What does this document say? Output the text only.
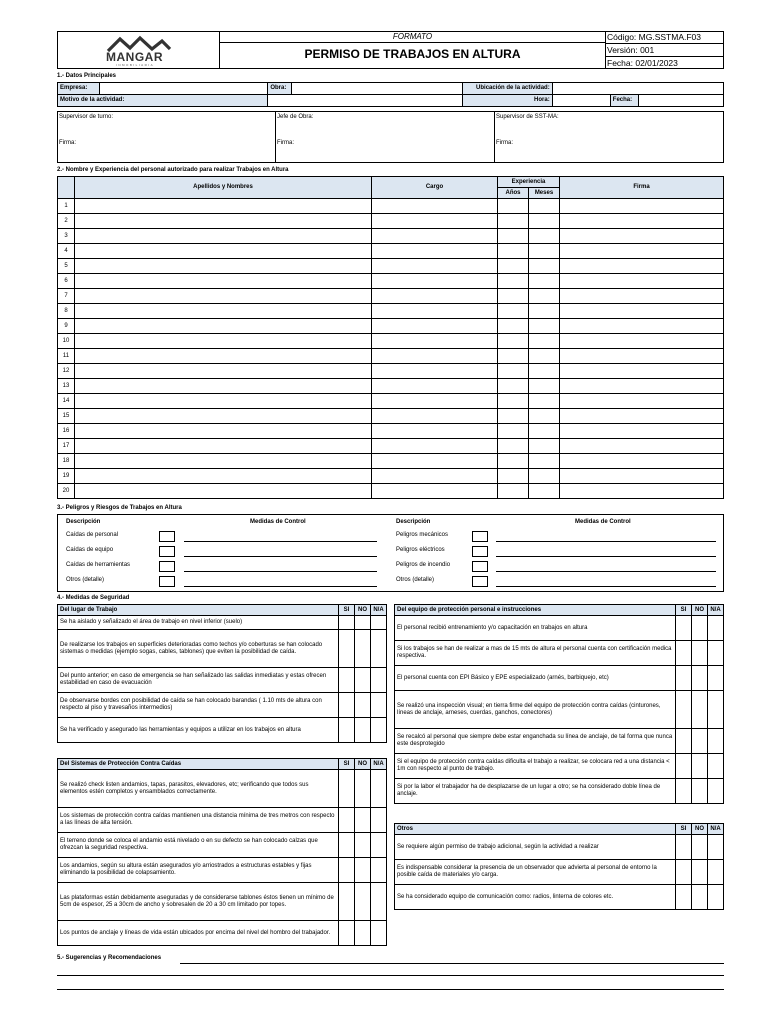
MANGAR
INMOBILIARIA
FORMATO
PERMISO DE TRABAJOS EN ALTURA
Código: MG.SSTMA.F03
Versión: 001
Fecha: 02/01/2023
1.- Datos Principales
Empresa:		Obra:		Ubicación de la actividad:			
Motivo de la actividad:				Hora:		Fecha:	
Supervisor de turno:	Jefe de Obra:	Supervisor de SST-MA:
Firma:	Firma:	Firma:
2.- Nombre y Experiencia del personal autorizado para realizar Trabajos en Altura
	Apellidos y Nombres	Cargo	Experiencia		Firma
			Años	Meses	
1					
2					
3					
4					
5					
6					
7					
8					
9					
10					
11					
12					
13					
14					
15					
16					
17					
18					
19					
20					
3.- Peligros y Riesgos de Trabajos en Altura
Descripción	Medidas de Control	Descripción	Medidas de Control
Caídas de personal
Caídas de equipo
Caídas de herramientas
Otros (detalle)
Peligros mecánicos
Peligros eléctricos
Peligros de incendio
Otros (detalle)
4.- Medidas de Seguridad
Del lugar de Trabajo	SI	NO	N/A
Se ha aislado y señalizado el área de trabajo en nivel inferior (suelo)			
De realizarse los trabajos en superficies deterioradas como techos y/o coberturas se han colocado sistemas o medidas (ejemplo sogas, cables, tablones) que eviten la posibilidad de caída.			
Del punto anterior; en caso de emergencia se han señalizado las salidas inmediatas y estas ofrecen estabilidad en caso de evacuación			
De observarse bordes con posibilidad de caída se han colocado barandas ( 1.10 mts de altura con respecto al piso y travesaños intermedios)			
Se ha verificado y asegurado las herramientas y equipos a utilizar en los trabajos en altura			
Del Sistemas de Protección Contra Caídas	SI	NO	N/A
Se realizó check listen andamios, tapas, parasitos, elevadores, etc; verificando que todos sus elementos estén completos y ensamblados correctamente.			
Los sistemas de protección contra caídas mantienen una distancia mínima de tres metros con respecto a las líneas de alta tensión.			
El terreno donde se coloca el andamio está nivelado o en su defecto se han colocado calzas que ofrezcan la seguridad respectiva.			
Los andamios, según su altura están asegurados y/o arriostrados a estructuras estables y fijas eliminando la posibilidad de colapsamiento.			
Las plataformas están debidamente aseguradas y de considerarse tablones éstos tienen un mínimo de 5cm de espesor, 25 a 30cm de ancho y sobresalen de 20 a 30 cm limitado por topes.			
Los puntos de anclaje y líneas de vida están ubicados por encima del nivel del hombro del trabajador.			
Del equipo de protección personal e instrucciones	SI	NO	N/A
El personal recibió entrenamiento y/o capacitación en trabajos en altura			
Si los trabajos se han de realizar a mas de 15 mts de altura el personal cuenta con certificación medica respectiva.			
El personal cuenta con EPI Básico y EPE especializado (arnés, barbiquejo, etc)			
Se realizó una inspección visual; en tierra firme del equipo de protección contra caídas (cinturones, líneas de anclaje, arneses, cuerdas, ganchos, conectores)			
Se recalcó al personal que siempre debe estar enganchada su línea de anclaje, de tal forma que nunca este desprotegido			
Si el equipo de protección contra caídas dificulta el trabajo a realizar, se colocara red a una distancia < 1m con respecto al punto de trabajo.			
Si por la labor el trabajador ha de desplazarse de un lugar a otro; se ha considerado doble línea de anclaje.			
Otros	SI	NO	N/A
Se requiere algún permiso de trabajo adicional, según la actividad a realizar			
Es indispensable considerar la presencia de un observador que advierta al personal de entorno la posible caída de materiales y/o carga.			
Se ha considerado equipo de comunicación como: radios, linterna de colores etc.			
5.- Sugerencias y Recomendaciones
